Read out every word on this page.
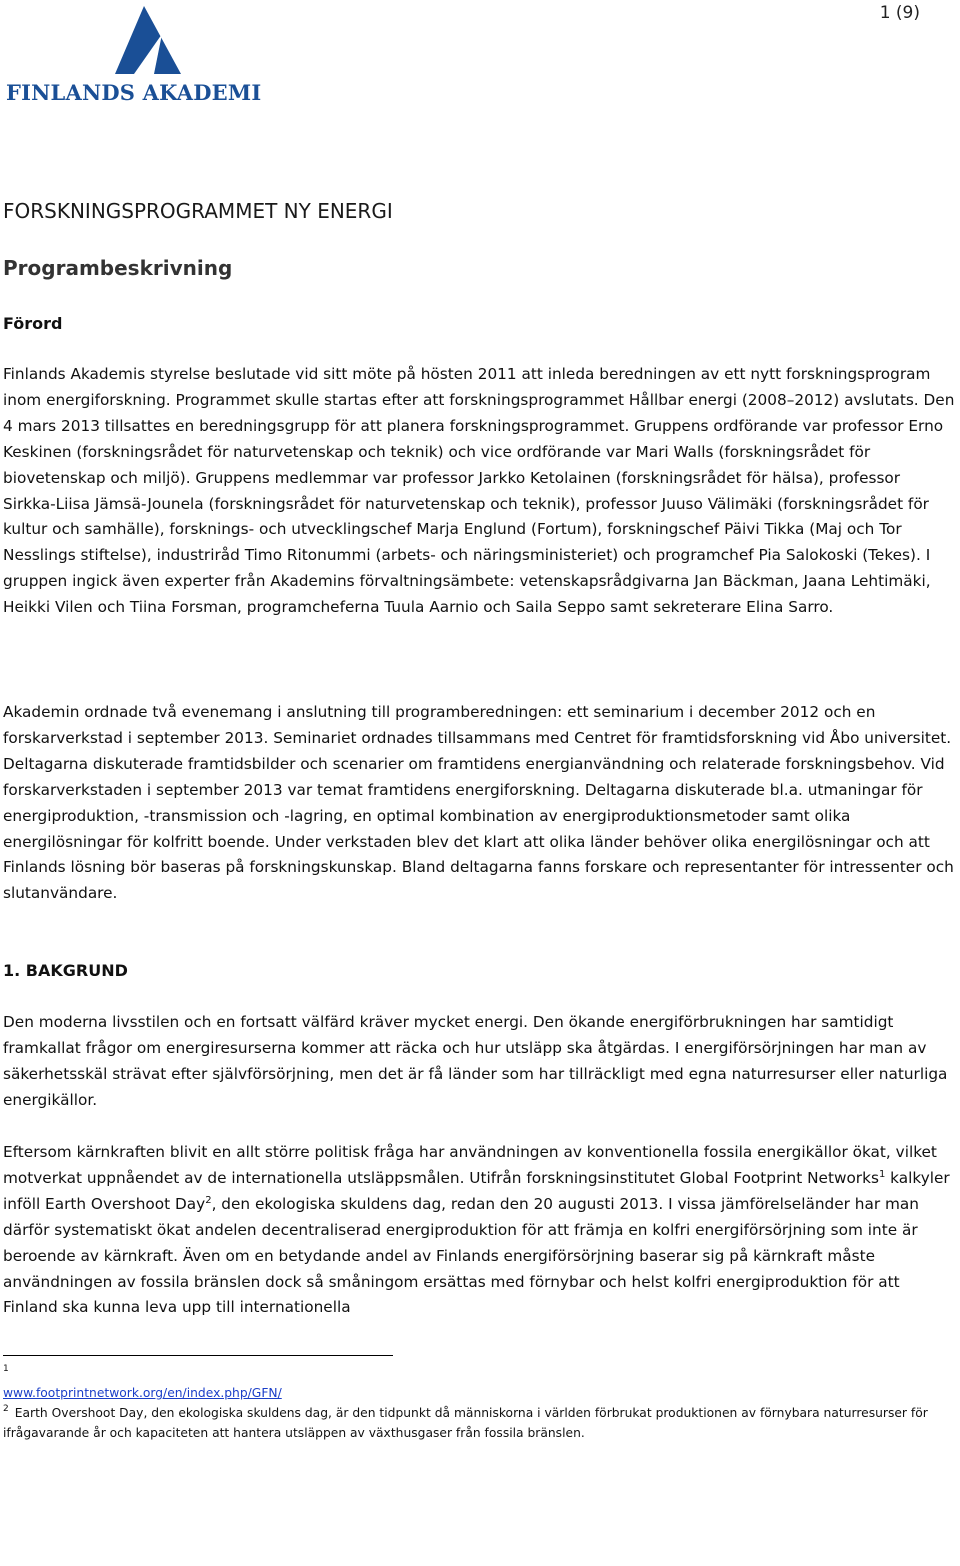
FINLANDS AKADEMI
1 (9)
FORSKNINGSPROGRAMMET NY ENERGI
Programbeskrivning
Förord

Finlands Akademis styrelse beslutade vid sitt möte på hösten 2011 att inleda beredningen av ett nytt forskningsprogram inom energiforskning. Programmet skulle startas efter att forskningsprogrammet Hållbar energi (2008–2012) avslutats. Den 4 mars 2013 tillsattes en beredningsgrupp för att planera forskningsprogrammet. Gruppens ordförande var professor Erno Keskinen (forskningsrådet för naturvetenskap och teknik) och vice ordförande var Mari Walls (forskningsrådet för biovetenskap och miljö). Gruppens medlemmar var professor Jarkko Ketolainen (forskningsrådet för hälsa), professor Sirkka-Liisa Jämsä-Jounela (forskningsrådet för naturvetenskap och teknik), professor Juuso Välimäki (forskningsrådet för kultur och samhälle), forsknings- och utvecklingschef Marja Englund (Fortum), forskningschef Päivi Tikka (Maj och Tor Nesslings stiftelse), industriråd Timo Ritonummi (arbets- och näringsministeriet) och programchef Pia Salokoski (Tekes). I gruppen ingick även experter från Akademins förvaltningsämbete: vetenskapsrådgivarna Jan Bäckman, Jaana Lehtimäki, Heikki Vilen och Tiina Forsman, programcheferna Tuula Aarnio och Saila Seppo samt sekreterare Elina Sarro.

Akademin ordnade två evenemang i anslutning till programberedningen: ett seminarium i december 2012 och en forskarverkstad i september 2013. Seminariet ordnades tillsammans med Centret för framtidsforskning vid Åbo universitet. Deltagarna diskuterade framtidsbilder och scenarier om framtidens energianvändning och relaterade forskningsbehov. Vid forskarverkstaden i september 2013 var temat framtidens energiforskning. Deltagarna diskuterade bl.a. utmaningar för energiproduktion, -transmission och -lagring, en optimal kombination av energiproduktionsmetoder samt olika energilösningar för kolfritt boende. Under verkstaden blev det klart att olika länder behöver olika energilösningar och att Finlands lösning bör baseras på forskningskunskap. Bland deltagarna fanns forskare och representanter för intressenter och slutanvändare.

1. BAKGRUND

Den moderna livsstilen och en fortsatt välfärd kräver mycket energi. Den ökande energiförbrukningen har samtidigt framkallat frågor om energiresurserna kommer att räcka och hur utsläpp ska åtgärdas. I energiförsörjningen har man av säkerhetsskäl strävat efter självförsörjning, men det är få länder som har tillräckligt med egna naturresurser eller naturliga energikällor.

Eftersom kärnkraften blivit en allt större politisk fråga har användningen av konventionella fossila energikällor ökat, vilket motverkat uppnåendet av de internationella utsläppsmålen. Utifrån forskningsinstitutet Global Footprint Networks$^1$ kalkyler inföll Earth Overshoot Day$^2$, den ekologiska skuldens dag, redan den 20 augusti 2013. I vissa jämförelseländer har man därför systematiskt ökat andelen decentraliserad energiproduktion för att främja en kolfri energiförsörjning som inte är beroende av kärnkraft. Även om en betydande andel av Finlands energiförsörjning baserar sig på kärnkraft måste användningen av fossila bränslen dock så småningom ersättas med förnybar och helst kolfri energiproduktion för att Finland ska kunna leva upp till internationella

$^1$
www.footprintnetwork.org/en/index.php/GFN/

$^2$ Earth Overshoot Day, den ekologiska skuldens dag, är den tidpunkt då människorna i världen förbrukat produktionen av förnybara naturresurser för ifrågavarande år och kapaciteten att hantera utsläppen av växthusgaser från fossila bränslen.
